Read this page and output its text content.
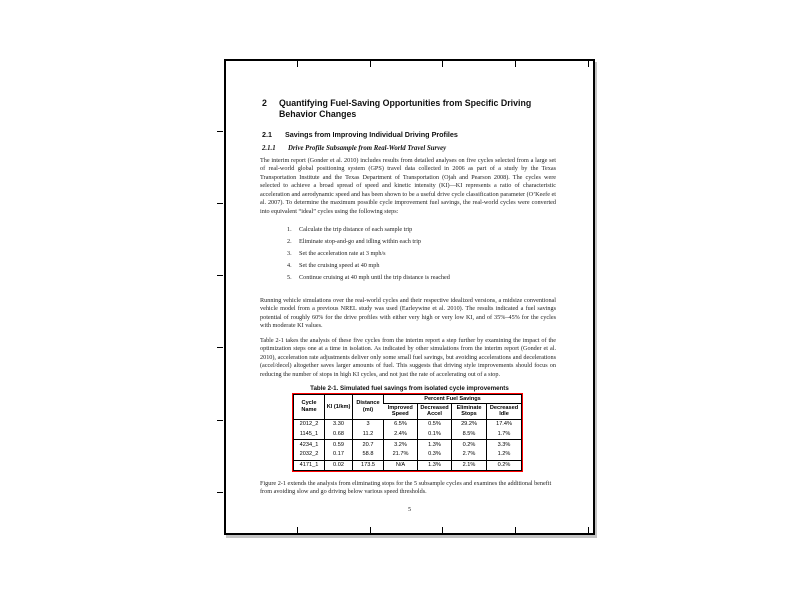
2	Quantifying Fuel-Saving Opportunities from Specific Driving Behavior Changes
2.1	Savings from Improving Individual Driving Profiles
2.1.1	Drive Profile Subsample from Real-World Travel Survey
The interim report (Gonder et al. 2010) includes results from detailed analyses on five cycles selected from a large set of real-world global positioning system (GPS) travel data collected in 2006 as part of a study by the Texas Transportation Institute and the Texas Department of Transportation (Ojah and Pearson 2008). The cycles were selected to achieve a broad spread of speed and kinetic intensity (KI)—KI represents a ratio of characteristic acceleration and aerodynamic speed and has been shown to be a useful drive cycle classification parameter (O’Keefe et al. 2007). To determine the maximum possible cycle improvement fuel savings, the real-world cycles were converted into equivalent “ideal” cycles using the following steps:
1.	Calculate the trip distance of each sample trip
2.	Eliminate stop-and-go and idling within each trip
3.	Set the acceleration rate at 3 mph/s
4.	Set the cruising speed at 40 mph
5.	Continue cruising at 40 mph until the trip distance is reached
Running vehicle simulations over the real-world cycles and their respective idealized versions, a midsize conventional vehicle model from a previous NREL study was used (Earleywine et al. 2010). The results indicated a fuel savings potential of roughly 60% for the drive profiles with either very high or very low KI, and of 35%–45% for the cycles with moderate KI values.
Table 2-1 takes the analysis of these five cycles from the interim report a step further by examining the impact of the optimization steps one at a time in isolation. As indicated by other simulations from the interim report (Gonder et al. 2010), acceleration rate adjustments deliver only some small fuel savings, but avoiding accelerations and decelerations (accel/decel) altogether saves larger amounts of fuel. This suggests that driving style improvements should focus on reducing the number of stops in high KI cycles, and not just the rate of accelerating out of a stop.
Table 2-1. Simulated fuel savings from isolated cycle improvements
Cycle Name	KI (1/km)	Distance (mi)	Percent Fuel Savings			
			Improved Speed	Decreased Accel	Eliminate Stops	Decreased Idle
2012_2	3.30	3	6.5%	0.5%	29.2%	17.4%
1145_1	0.68	11.2	2.4%	0.1%	8.5%	1.7%
4234_1	0.59	20.7	3.2%	1.3%	0.2%	3.3%
2032_2	0.17	58.8	21.7%	0.3%	2.7%	1.2%
4171_1	0.02	173.5	N/A	1.3%	2.1%	0.2%
Figure 2-1 extends the analysis from eliminating stops for the 5 subsample cycles and examines the additional benefit from avoiding slow and go driving below various speed thresholds.
5
